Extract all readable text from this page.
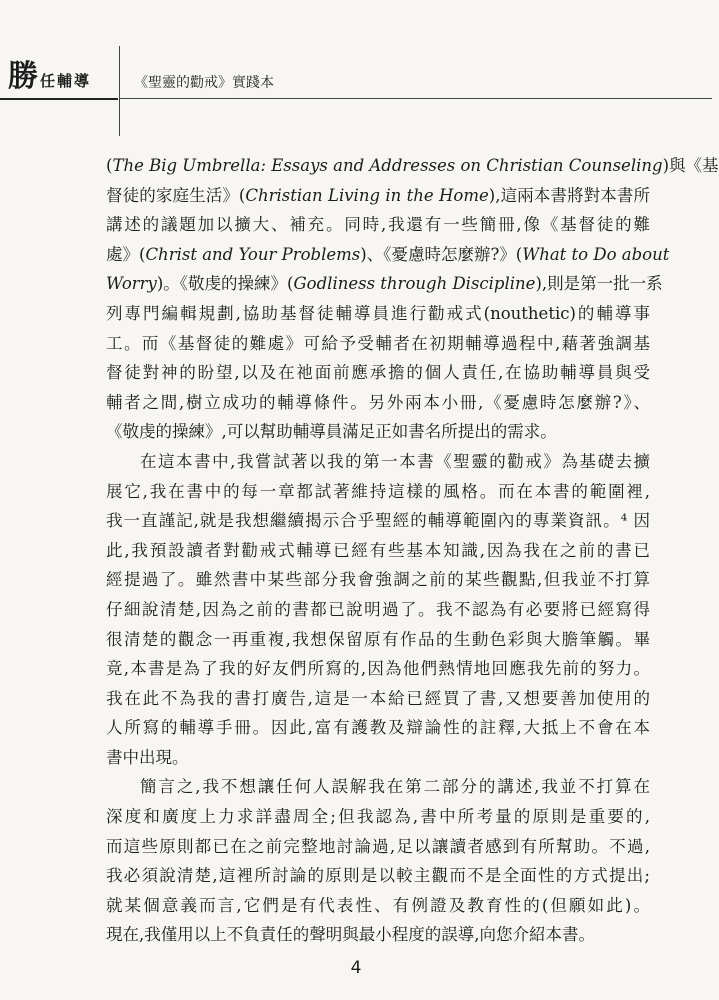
勝 任輔導	《聖靈的勸戒》實踐本
(The Big Umbrella: Essays and Addresses on Christian Counseling)與《基
督徒的家庭生活》(Christian Living in the Home),這兩本書將對本書所
講述的議題加以擴大、補充。同時,我還有一些簡冊,像《基督徒的難
處》(Christ and Your Problems)、《憂慮時怎麼辦?》(What to Do about
Worry)。《敬虔的操練》(Godliness through Discipline),則是第一批一系
列專門編輯規劃,協助基督徒輔導員進行勸戒式(nouthetic)的輔導事
工。而《基督徒的難處》可給予受輔者在初期輔導過程中,藉著強調基
督徒對神的盼望,以及在祂面前應承擔的個人責任,在協助輔導員與受
輔者之間,樹立成功的輔導條件。另外兩本小冊,《憂慮時怎麼辦?》、
《敬虔的操練》,可以幫助輔導員滿足正如書名所提出的需求。
在這本書中,我嘗試著以我的第一本書《聖靈的勸戒》為基礎去擴
展它,我在書中的每一章都試著維持這樣的風格。而在本書的範圍裡,
我一直謹記,就是我想繼續揭示合乎聖經的輔導範圍內的專業資訊。⁴ 因
此,我預設讀者對勸戒式輔導已經有些基本知識,因為我在之前的書已
經提過了。雖然書中某些部分我會強調之前的某些觀點,但我並不打算
仔細說清楚,因為之前的書都已說明過了。我不認為有必要將已經寫得
很清楚的觀念一再重複,我想保留原有作品的生動色彩與大膽筆觸。畢
竟,本書是為了我的好友們所寫的,因為他們熱情地回應我先前的努力。
我在此不為我的書打廣告,這是一本給已經買了書,又想要善加使用的
人所寫的輔導手冊。因此,富有護教及辯論性的註釋,大抵上不會在本
書中出現。
簡言之,我不想讓任何人誤解我在第二部分的講述,我並不打算在
深度和廣度上力求詳盡周全;但我認為,書中所考量的原則是重要的,
而這些原則都已在之前完整地討論過,足以讓讀者感到有所幫助。不過,
我必須說清楚,這裡所討論的原則是以較主觀而不是全面性的方式提出;
就某個意義而言,它們是有代表性、有例證及教育性的(但願如此)。
現在,我僅用以上不負責任的聲明與最小程度的誤導,向您介紹本書。
4
